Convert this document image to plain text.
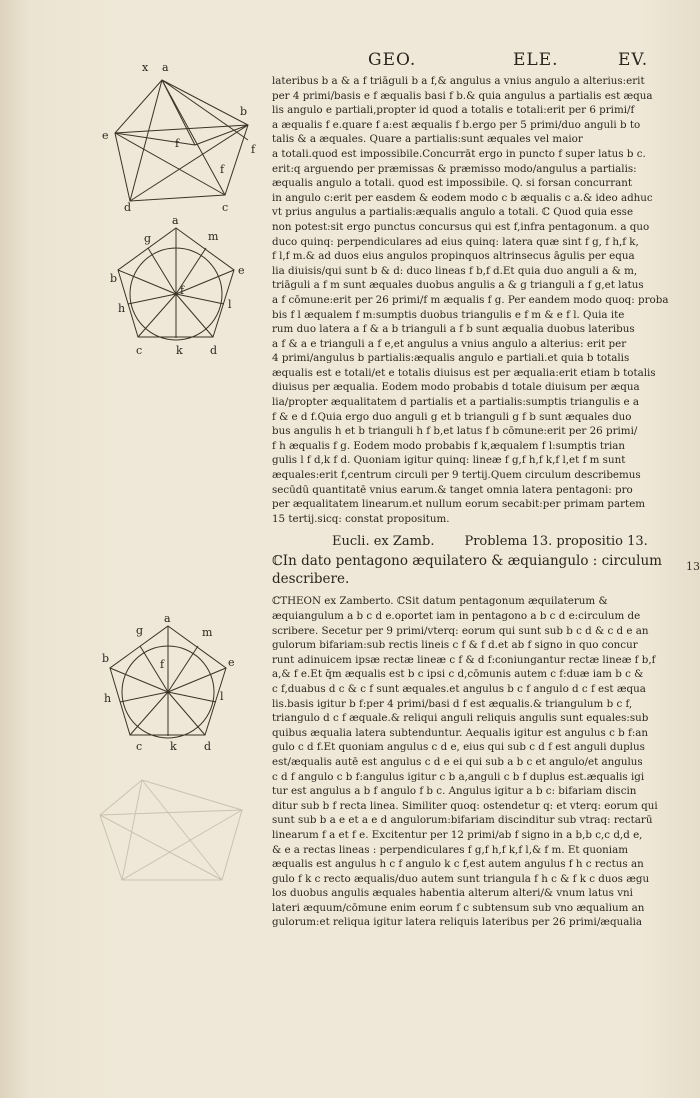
GEO.	ELE.	EV.
x a
b
f
f
f
c
d
e
a
g	m
b
e
f
h	l
c	k d
a
g	m
b	e
f
h	l
c	k d
lateribus b a & a f triāguli b a f,& angulus a vnius angulo a alterius:erit
per 4 primi/basis e f æqualis basi f b.& quia angulus a partialis est æqua
lis angulo e partiali,propter id quod a totalis e totali:erit per 6 primi/f
a æqualis f e.quare f a:est æqualis f b.ergo per 5 primi/duo anguli b to
talis & a æquales. Quare a partialis:sunt æquales vel maior
a totali.quod est impossibile.Concurrāt ergo in puncto f super latus b c.
erit:q arguendo per præmissas & præmisso modo/angulus a partialis:
æqualis angulo a totali. quod est impossibile. Q. si forsan concurrant
in angulo c:erit per easdem & eodem modo c b æqualis c a.& ideo adhuc
vt prius angulus a partialis:æqualis angulo a totali. ℂ Quod quia esse
non potest:sit ergo punctus concursus qui est f,infra pentagonum. a quo
duco quinq: perpendiculares ad eius quinq: latera quæ sint f g, f h,f k,
f l,f m.& ad duos eius angulos propinquos altrinsecus āgulis per equa
lia diuisis/qui sunt b & d: duco lineas f b,f d.Et quia duo anguli a & m,
triāguli a f m sunt æquales duobus angulis a & g trianguli a f g,et latus
a f cōmune:erit per 26 primi/f m æqualis f g. Per eandem modo quoq: proba
bis f l æqualem f m:sumptis duobus triangulis e f m & e f l. Quia ite
rum duo latera a f & a b trianguli a f b sunt æqualia duobus lateribus
a f & a e trianguli a f e,et angulus a vnius angulo a alterius: erit per
4 primi/angulus b partialis:æqualis angulo e partiali.et quia b totalis
æqualis est e totali/et e totalis diuisus est per æqualia:erit etiam b totalis
diuisus per æqualia. Eodem modo probabis d totale diuisum per æqua
lia/propter æqualitatem d partialis et a partialis:sumptis triangulis e a
f & e d f.Quia ergo duo anguli g et b trianguli g f b sunt æquales duo
bus angulis h et b trianguli h f b,et latus f b cōmune:erit per 26 primi/
f h æqualis f g. Eodem modo probabis f k,æqualem f l:sumptis trian
gulis l f d,k f d. Quoniam igitur quinq: lineæ f g,f h,f k,f l,et f m sunt
æquales:erit f,centrum circuli per 9 tertij.Quem circulum describemus
secūdū quantitatē vnius earum.& tanget omnia latera pentagoni: pro
per æqualitatem linearum.et nullum eorum secabit:per primam partem
15 tertij.sicq: constat propositum.
Eucli. ex Zamb. Problema 13. propositio 13.
ℂIn dato pentagono æquilatero & æquiangulo : circulum
describere.
ℂTHEON ex Zamberto. ℂSit datum pentagonum æquilaterum &
æquiangulum a b c d e.oportet iam in pentagono a b c d e:circulum de
scribere. Secetur per 9 primi/vterq: eorum qui sunt sub b c d & c d e an
gulorum bifariam:sub rectis lineis c f & f d.et ab f signo in quo concur
runt adinuicem ipsæ rectæ lineæ c f & d f:coniungantur rectæ lineæ f b,f
a,& f e.Et q̄m æqualis est b c ipsi c d,cōmunis autem c f:duæ iam b c &
c f,duabus d c & c f sunt æquales.et angulus b c f angulo d c f est æqua
lis.basis igitur b f:per 4 primi/basi d f est æqualis.& triangulum b c f,
triangulo d c f æquale.& reliqui anguli reliquis angulis sunt equales:sub
quibus æqualia latera subtenduntur. Aequalis igitur est angulus c b f:an
gulo c d f.Et quoniam angulus c d e, eius qui sub c d f est anguli duplus
est/æqualis autē est angulus c d e ei qui sub a b c et angulo/et angulus
c d f angulo c b f:angulus igitur c b a,anguli c b f duplus est.æqualis igi
tur est angulus a b f angulo f b c. Angulus igitur a b c: bifariam discin
ditur sub b f recta linea. Similiter quoq: ostendetur q: et vterq: eorum qui
sunt sub b a e et a e d angulorum:bifariam discinditur sub vtraq: rectarū
linearum f a et f e. Excitentur per 12 primi/ab f signo in a b,b c,c d,d e,
& e a rectas lineas : perpendiculares f g,f h,f k,f l,& f m. Et quoniam
æqualis est angulus h c f angulo k c f,est autem angulus f h c rectus an
gulo f k c recto æqualis/duo autem sunt triangula f h c & f k c duos ægu
los duobus angulis æquales habentia alterum alteri/& vnum latus vni
lateri æquum/cōmune enim eorum f c subtensum sub vno æqualium an
gulorum:et reliqua igitur latera reliquis lateribus per 26 primi/æqualia
13
